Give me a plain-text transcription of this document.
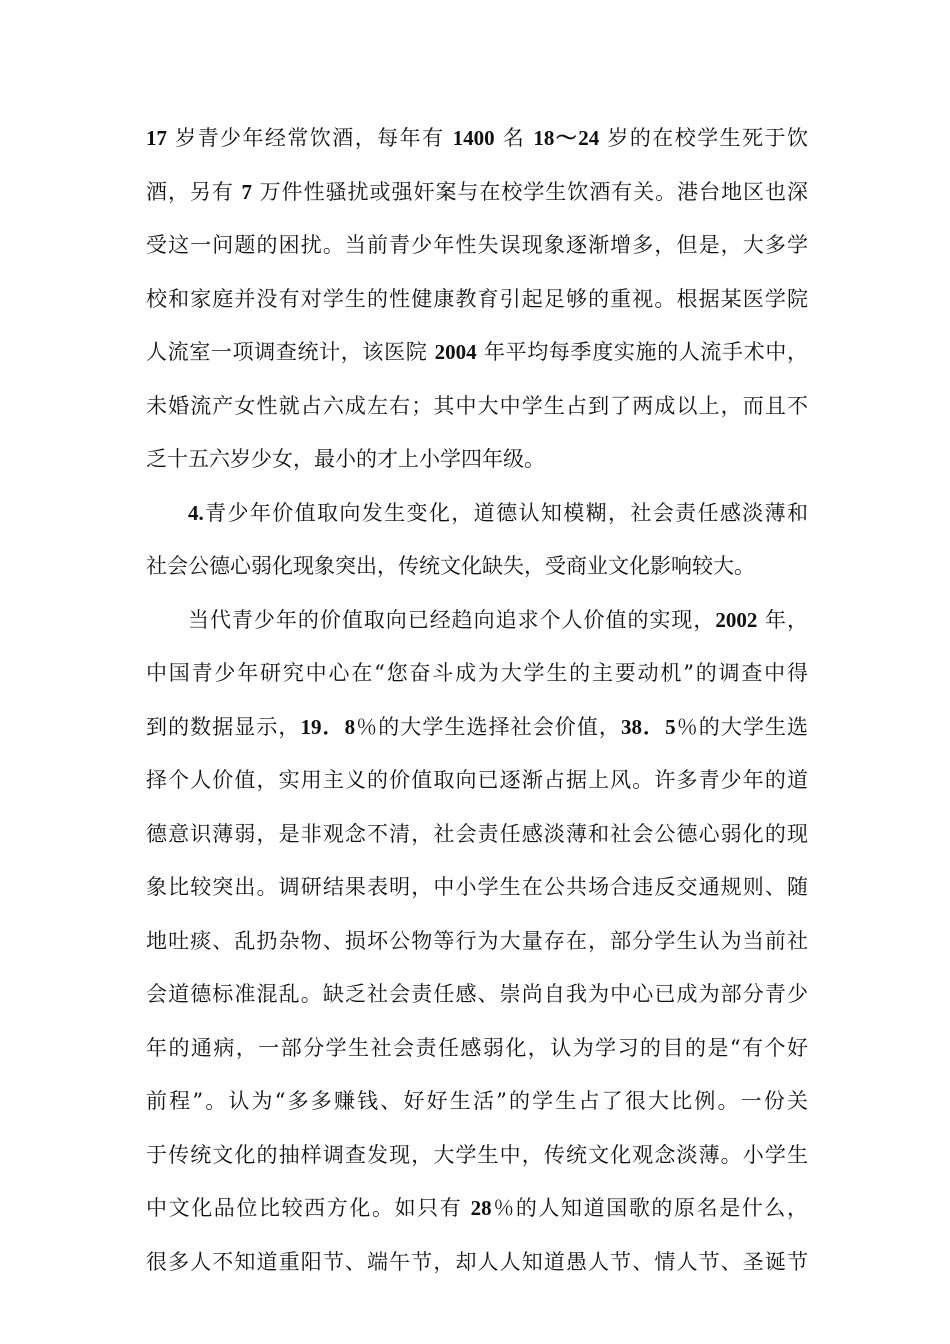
17 岁青少年经常饮酒，每年有 1400 名 18～24 岁的在校学生死于饮
酒，另有 7 万件性骚扰或强奸案与在校学生饮酒有关。港台地区也深
受这一问题的困扰。当前青少年性失误现象逐渐增多，但是，大多学
校和家庭并没有对学生的性健康教育引起足够的重视。根据某医学院
人流室一项调查统计，该医院 2004 年平均每季度实施的人流手术中，
未婚流产女性就占六成左右；其中大中学生占到了两成以上，而且不
乏十五六岁少女，最小的才上小学四年级。
4.青少年价值取向发生变化，道德认知模糊，社会责任感淡薄和
社会公德心弱化现象突出，传统文化缺失，受商业文化影响较大。
当代青少年的价值取向已经趋向追求个人价值的实现，2002 年，
中国青少年研究中心在“您奋斗成为大学生的主要动机”的调查中得
到的数据显示，19．8％的大学生选择社会价值，38．5％的大学生选
择个人价值，实用主义的价值取向已逐渐占据上风。许多青少年的道
德意识薄弱，是非观念不清，社会责任感淡薄和社会公德心弱化的现
象比较突出。调研结果表明，中小学生在公共场合违反交通规则、随
地吐痰、乱扔杂物、损坏公物等行为大量存在，部分学生认为当前社
会道德标准混乱。缺乏社会责任感、崇尚自我为中心已成为部分青少
年的通病，一部分学生社会责任感弱化，认为学习的目的是“有个好
前程”。认为“多多赚钱、好好生活”的学生占了很大比例。一份关
于传统文化的抽样调查发现，大学生中，传统文化观念淡薄。小学生
中文化品位比较西方化。如只有 28％的人知道国歌的原名是什么，
很多人不知道重阳节、端午节，却人人知道愚人节、情人节、圣诞节
